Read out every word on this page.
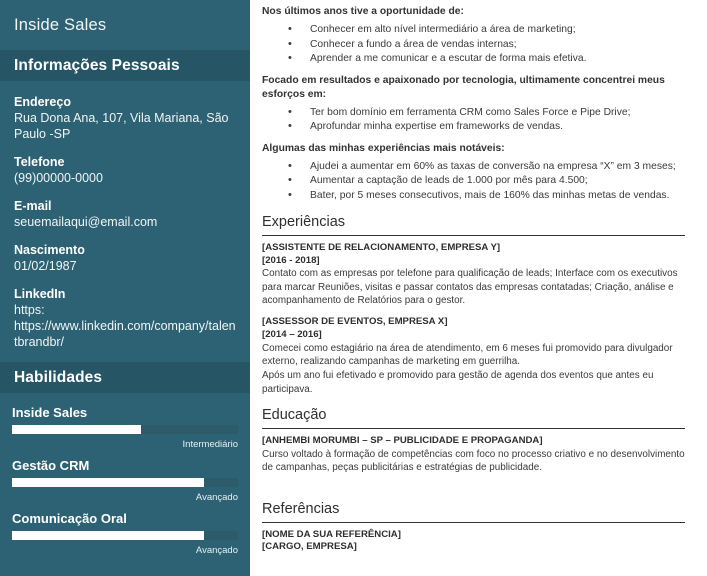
Inside Sales
Informações Pessoais
Endereço
Rua Dona Ana, 107, Vila Mariana, São Paulo -SP
Telefone
(99)00000-0000
E-mail
seuemailaqui@email.com
Nascimento
01/02/1987
LinkedIn
https: https://www.linkedin.com/company/talentbrandbr/
Habilidades
Inside Sales
Intermediário
Gestão CRM
Avançado
Comunicação Oral
Avançado

Nos últimos anos tive a oportunidade de:

• Conhecer em alto nível intermediário a área de marketing;
• Conhecer a fundo a área de vendas internas;
• Aprender a me comunicar e a escutar de forma mais efetiva.

Focado em resultados e apaixonado por tecnologia, ultimamente concentrei meus esforços em:

• Ter bom domínio em ferramenta CRM como Sales Force e Pipe Drive;
• Aprofundar minha expertise em frameworks de vendas.

Algumas das minhas experiências mais notáveis:

• Ajudei a aumentar em 60% as taxas de conversão na empresa “X” em 3 meses;
• Aumentar a captação de leads de 1.000 por mês para 4.500;
• Bater, por 5 meses consecutivos, mais de 160% das minhas metas de vendas.
Experiências
[ASSISTENTE DE RELACIONAMENTO, EMPRESA Y]
[2016 - 2018]
Contato com as empresas por telefone para qualificação de leads; Interface com os executivos para marcar Reuniões, visitas e passar contatos das empresas contatadas; Criação, análise e acompanhamento de Relatórios para o gestor.
[ASSESSOR DE EVENTOS, EMPRESA X]
[2014 – 2016]
Comecei como estagiário na área de atendimento, em 6 meses fui promovido para divulgador externo, realizando campanhas de marketing em guerrilha.
Após um ano fui efetivado e promovido para gestão de agenda dos eventos que antes eu participava.
Educação
[ANHEMBI MORUMBI – SP – PUBLICIDADE E PROPAGANDA]
Curso voltado à formação de competências com foco no processo criativo e no desenvolvimento de campanhas, peças publicitárias e estratégias de publicidade.
Referências
[NOME DA SUA REFERÊNCIA]
[CARGO, EMPRESA]
